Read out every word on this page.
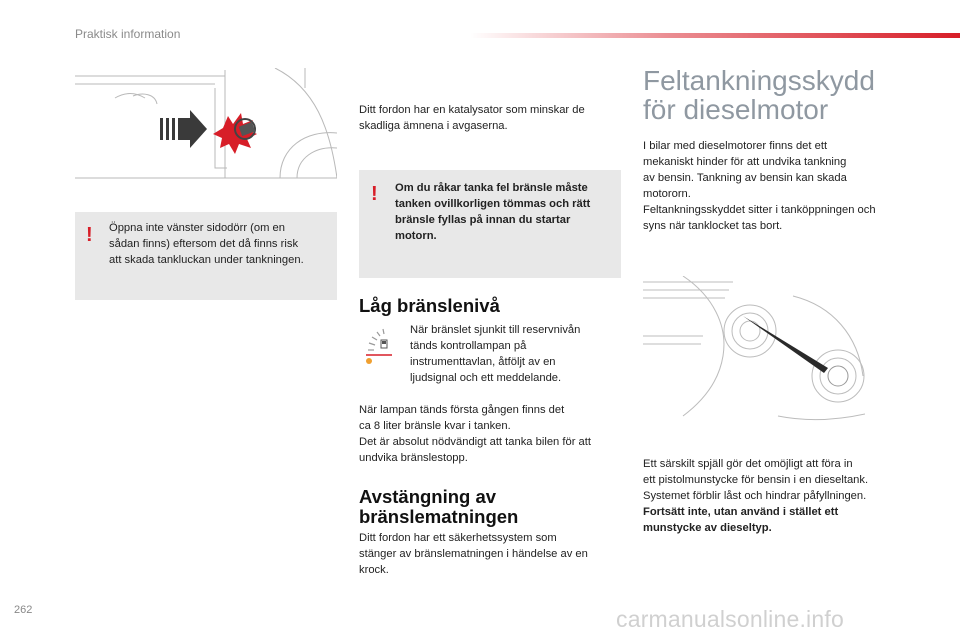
Praktisk information
! Öppna inte vänster sidodörr (om en
sådan finns) eftersom det då finns risk
att skada tankluckan under tankningen.
Ditt fordon har en katalysator som minskar de
skadliga ämnena i avgaserna.
! Om du råkar tanka fel bränsle måste
tanken ovillkorligen tömmas och rätt
bränsle fyllas på innan du startar
motorn.
Låg bränslenivå
När bränslet sjunkit till reservnivån
tänds kontrollampan på
instrumenttavlan, åtföljt av en
ljudsignal och ett meddelande.
När lampan tänds första gången finns det
ca 8 liter bränsle kvar i tanken.
Det är absolut nödvändigt att tanka bilen för att
undvika bränslestopp.
Avstängning av
bränslematningen
Ditt fordon har ett säkerhetssystem som
stänger av bränslematningen i händelse av en
krock.
Feltankningsskydd
för dieselmotor
I bilar med dieselmotorer finns det ett
mekaniskt hinder för att undvika tankning
av bensin. Tankning av bensin kan skada
motororn.
Feltankningsskyddet sitter i tanköppningen och
syns när tanklocket tas bort.
Ett särskilt spjäll gör det omöjligt att föra in
ett pistolmunstycke för bensin i en dieseltank.
Systemet förblir låst och hindrar påfyllningen.
Fortsätt inte, utan använd i stället ett
munstycke av dieseltyp.
262	carmanualsonline.info
